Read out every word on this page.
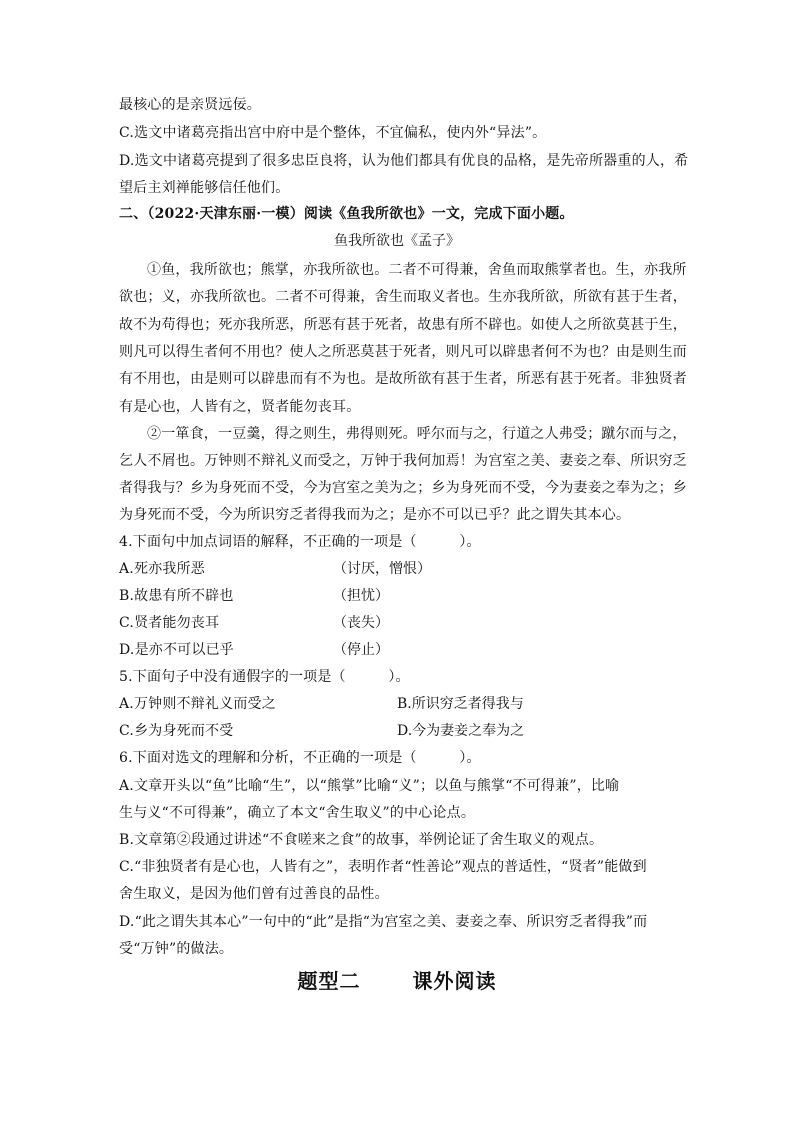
最核心的是亲贤远佞。
C.选文中诸葛亮指出宫中府中是个整体，不宜偏私，使内外“异法”。
D.选文中诸葛亮提到了很多忠臣良将，认为他们都具有优良的品格，是先帝所器重的人，希
望后主刘禅能够信任他们。
二、（2022·天津东丽·一模）阅读《鱼我所欲也》一文，完成下面小题。
鱼我所欲也《孟子》
①鱼，我所欲也；熊掌，亦我所欲也。二者不可得兼，舍鱼而取熊掌者也。生，亦我所
欲也；义，亦我所欲也。二者不可得兼，舍生而取义者也。生亦我所欲，所欲有甚于生者，
故不为苟得也；死亦我所恶，所恶有甚于死者，故患有所不辟也。如使人之所欲莫甚于生，
则凡可以得生者何不用也？使人之所恶莫甚于死者，则凡可以辟患者何不为也？由是则生而
有不用也，由是则可以辟患而有不为也。是故所欲有甚于生者，所恶有甚于死者。非独贤者
有是心也，人皆有之，贤者能勿丧耳。
②一箪食，一豆羹，得之则生，弗得则死。呼尔而与之，行道之人弗受；蹴尔而与之，
乞人不屑也。万钟则不辩礼义而受之，万钟于我何加焉！为宫室之美、妻妾之奉、所识穷乏
者得我与？乡为身死而不受，今为宫室之美为之；乡为身死而不受，今为妻妾之奉为之；乡
为身死而不受，今为所识穷乏者得我而为之；是亦不可以已乎？此之谓失其本心。
4.下面句中加点词语的解释，不正确的一项是（　　　）。
A.死亦我所恶	（讨厌，憎恨）
B.故患有所不辟也	（担忧）
C.贤者能勿丧耳	（丧失）
D.是亦不可以已乎	（停止）
5.下面句子中没有通假字的一项是（　　　）。
A.万钟则不辩礼义而受之	B.所识穷乏者得我与
C.乡为身死而不受	D.今为妻妾之奉为之
6.下面对选文的理解和分析，不正确的一项是（　　　）。
A.文章开头以“鱼”比喻“生”，以“熊掌”比喻“义”；以鱼与熊掌“不可得兼”，比喻
生与义“不可得兼”，确立了本文“舍生取义”的中心论点。
B.文章第②段通过讲述“不食嗟来之食”的故事，举例论证了舍生取义的观点。
C.“非独贤者有是心也，人皆有之”，表明作者“性善论”观点的普适性，“贤者”能做到
舍生取义，是因为他们曾有过善良的品性。
D.“此之谓失其本心”一句中的“此”是指“为宫室之美、妻妾之奉、所识穷乏者得我”而
受“万钟”的做法。
题型二	课外阅读
